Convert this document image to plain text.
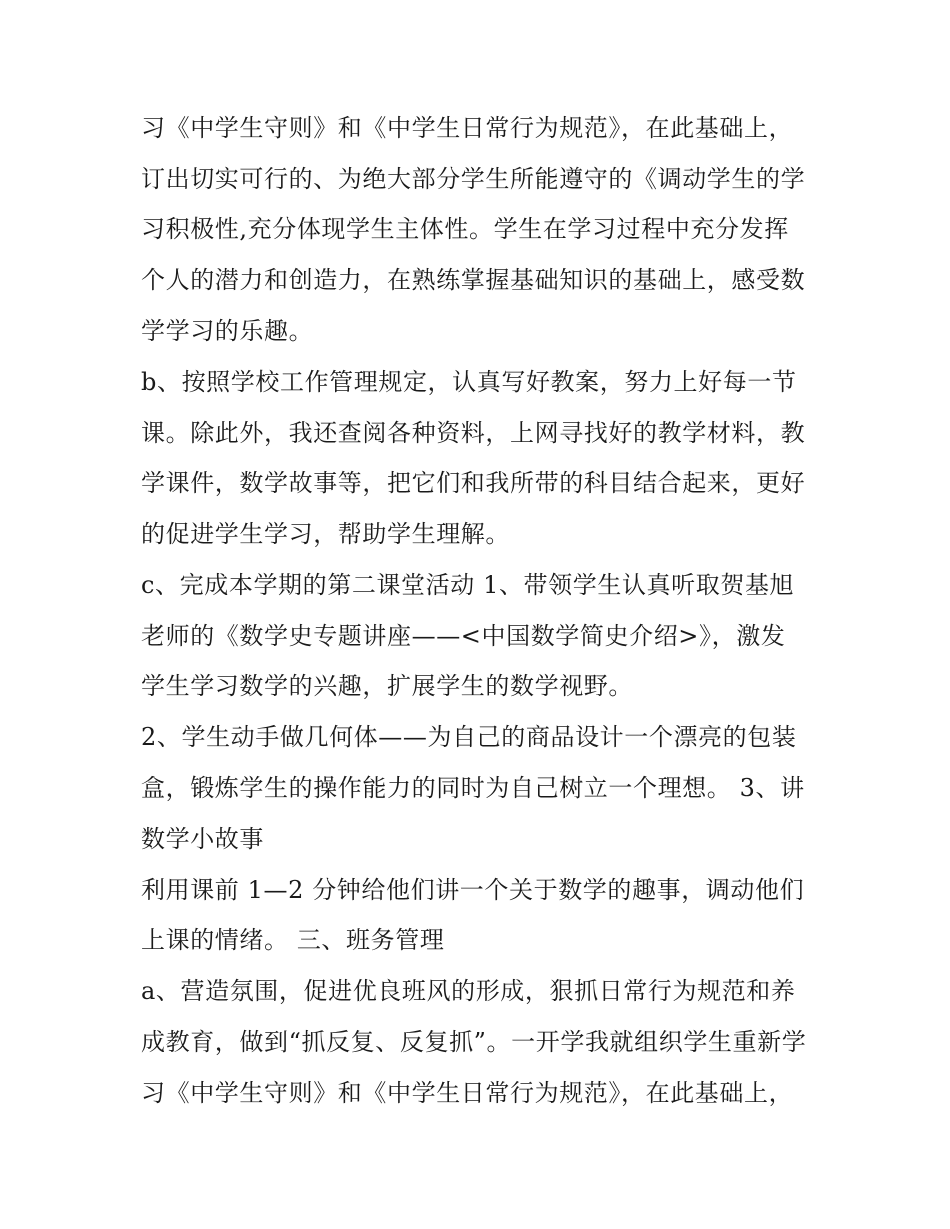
习《中学生守则》和《中学生日常行为规范》，在此基础上，
订出切实可行的、为绝大部分学生所能遵守的《调动学生的学
习积极性,充分体现学生主体性。学生在学习过程中充分发挥
个人的潜力和创造力，在熟练掌握基础知识的基础上，感受数
学学习的乐趣。
b、按照学校工作管理规定，认真写好教案，努力上好每一节
课。除此外，我还查阅各种资料，上网寻找好的教学材料，教
学课件，数学故事等，把它们和我所带的科目结合起来，更好
的促进学生学习，帮助学生理解。
c、完成本学期的第二课堂活动 1、带领学生认真听取贺基旭
老师的《数学史专题讲座——<中国数学简史介绍>》，激发
学生学习数学的兴趣，扩展学生的数学视野。
2、学生动手做几何体——为自己的商品设计一个漂亮的包装
盒，锻炼学生的操作能力的同时为自己树立一个理想。 3、讲
数学小故事
利用课前 1—2 分钟给他们讲一个关于数学的趣事，调动他们
上课的情绪。 三、班务管理
a、营造氛围，促进优良班风的形成，狠抓日常行为规范和养
成教育，做到“抓反复、反复抓”。一开学我就组织学生重新学
习《中学生守则》和《中学生日常行为规范》，在此基础上，
